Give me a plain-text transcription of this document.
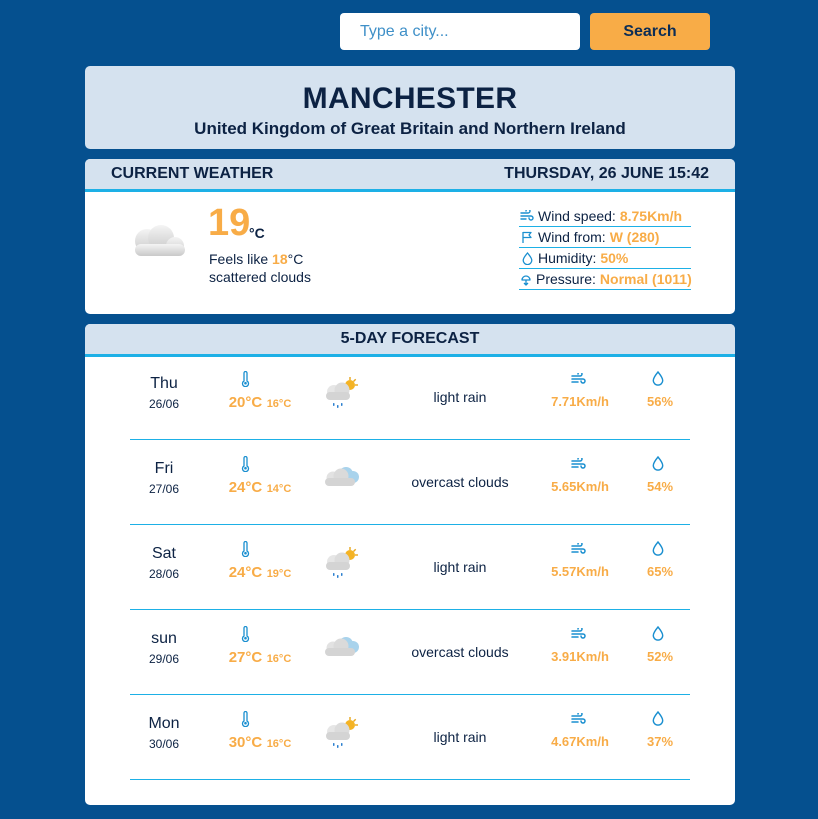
Type a city...
Search
MANCHESTER
United Kingdom of Great Britain and Northern Ireland
CURRENT WEATHER	THURSDAY, 26 JUNE 15:42
19
°C
Feels like 18°C
scattered clouds
Wind speed: 8.75Km/h
Wind from: W (280)
Humidity: 50%
Pressure: Normal (1011)
5-DAY FORECAST
Thu
26/06	20°C 16°C	light rain	7.71Km/h	56%
Fri
27/06	24°C 14°C	overcast clouds	5.65Km/h	54%
Sat
28/06	24°C 19°C	light rain	5.57Km/h	65%
sun
29/06	27°C 16°C	overcast clouds	3.91Km/h	52%
Mon
30/06	30°C 16°C	light rain	4.67Km/h	37%
